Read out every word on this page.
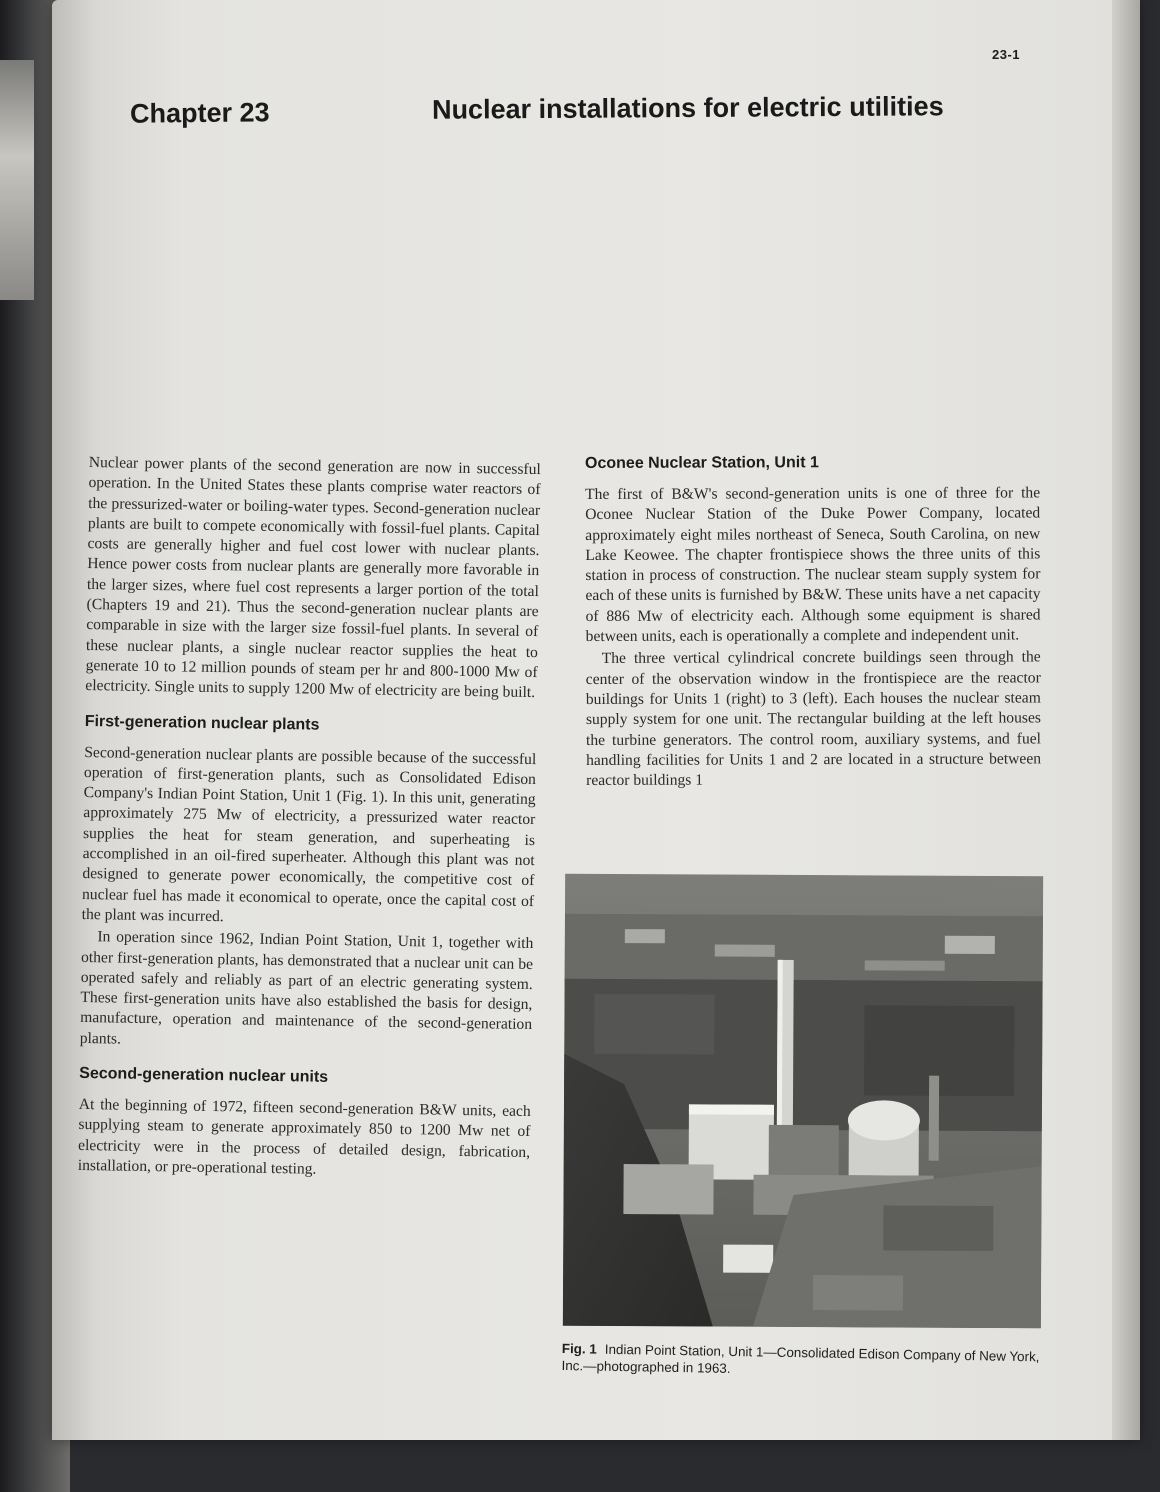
23-1
Chapter 23	Nuclear installations for electric utilities

Nuclear power plants of the second generation are now in successful operation. In the United States these plants comprise water reactors of the pressurized-water or boiling-water types. Second-generation nuclear plants are built to compete economically with fossil-fuel plants. Capital costs are generally higher and fuel cost lower with nuclear plants. Hence power costs from nuclear plants are generally more favorable in the larger sizes, where fuel cost represents a larger portion of the total (Chapters 19 and 21). Thus the second-generation nuclear plants are comparable in size with the larger size fossil-fuel plants. In several of these nuclear plants, a single nuclear reactor supplies the heat to generate 10 to 12 million pounds of steam per hr and 800-1000 Mw of electricity. Single units to supply 1200 Mw of electricity are being built.

First-generation nuclear plants

Second-generation nuclear plants are possible because of the successful operation of first-generation plants, such as Consolidated Edison Company's Indian Point Station, Unit 1 (Fig. 1). In this unit, generating approximately 275 Mw of electricity, a pressurized water reactor supplies the heat for steam generation, and superheating is accomplished in an oil-fired superheater. Although this plant was not designed to generate power economically, the competitive cost of nuclear fuel has made it economical to operate, once the capital cost of the plant was incurred.

In operation since 1962, Indian Point Station, Unit 1, together with other first-generation plants, has demonstrated that a nuclear unit can be operated safely and reliably as part of an electric generating system. These first-generation units have also established the basis for design, manufacture, operation and maintenance of the second-generation plants.

Second-generation nuclear units

At the beginning of 1972, fifteen second-generation B&W units, each supplying steam to generate approximately 850 to 1200 Mw net of electricity were in the process of detailed design, fabrication, installation, or pre-operational testing.

Oconee Nuclear Station, Unit 1

The first of B&W's second-generation units is one of three for the Oconee Nuclear Station of the Duke Power Company, located approximately eight miles northeast of Seneca, South Carolina, on new Lake Keowee. The chapter frontispiece shows the three units of this station in process of construction. The nuclear steam supply system for each of these units is furnished by B&W. These units have a net capacity of 886 Mw of electricity each. Although some equipment is shared between units, each is operationally a complete and independent unit.

The three vertical cylindrical concrete buildings seen through the center of the observation window in the frontispiece are the reactor buildings for Units 1 (right) to 3 (left). Each houses the nuclear steam supply system for one unit. The rectangular building at the left houses the turbine generators. The control room, auxiliary systems, and fuel handling facilities for Units 1 and 2 are located in a structure between reactor buildings 1

Fig. 1 Indian Point Station, Unit 1—Consolidated Edison Company of New York, Inc.—photographed in 1963.
